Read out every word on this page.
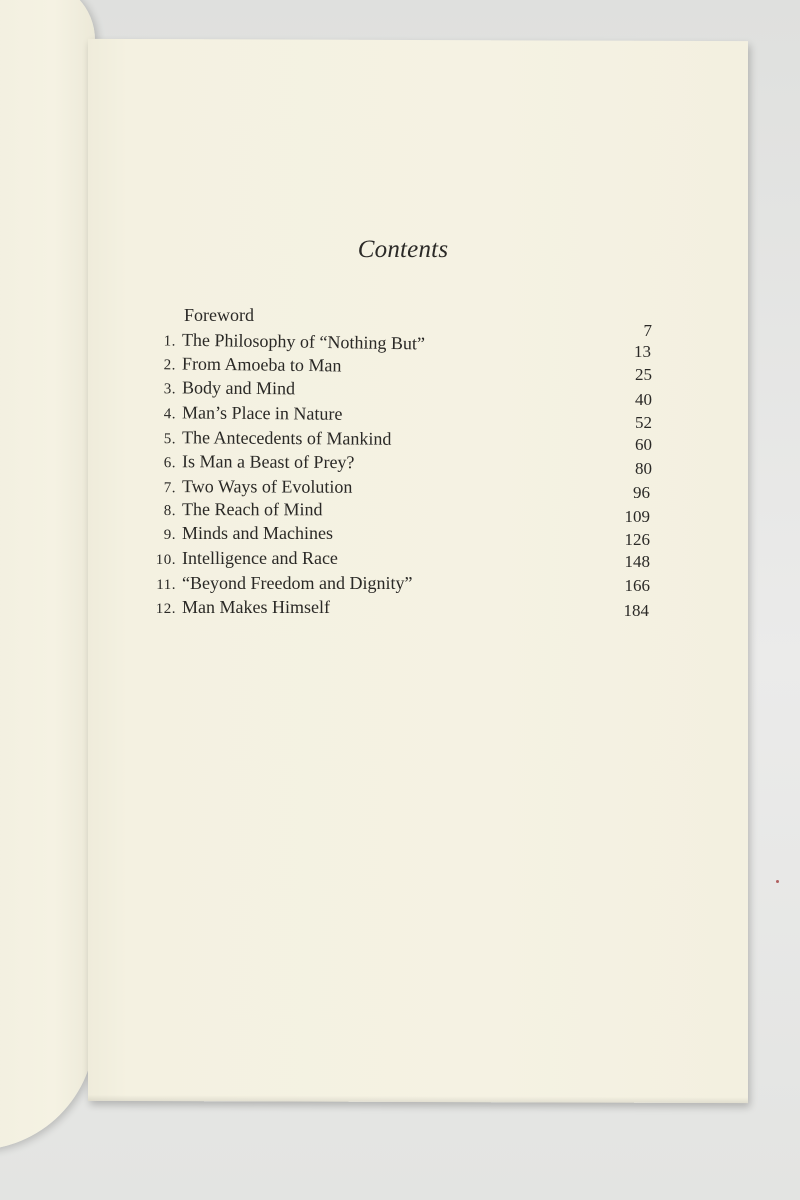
Contents
Foreword
1. The Philosophy of “Nothing But”
2. From Amoeba to Man
3. Body and Mind
4. Man’s Place in Nature
5. The Antecedents of Mankind
6. Is Man a Beast of Prey?
7. Two Ways of Evolution
8. The Reach of Mind
9. Minds and Machines
10. Intelligence and Race
11. “Beyond Freedom and Dignity”
12. Man Makes Himself
7
13
25
40
52
60
80
96
109
126
148
166
184
